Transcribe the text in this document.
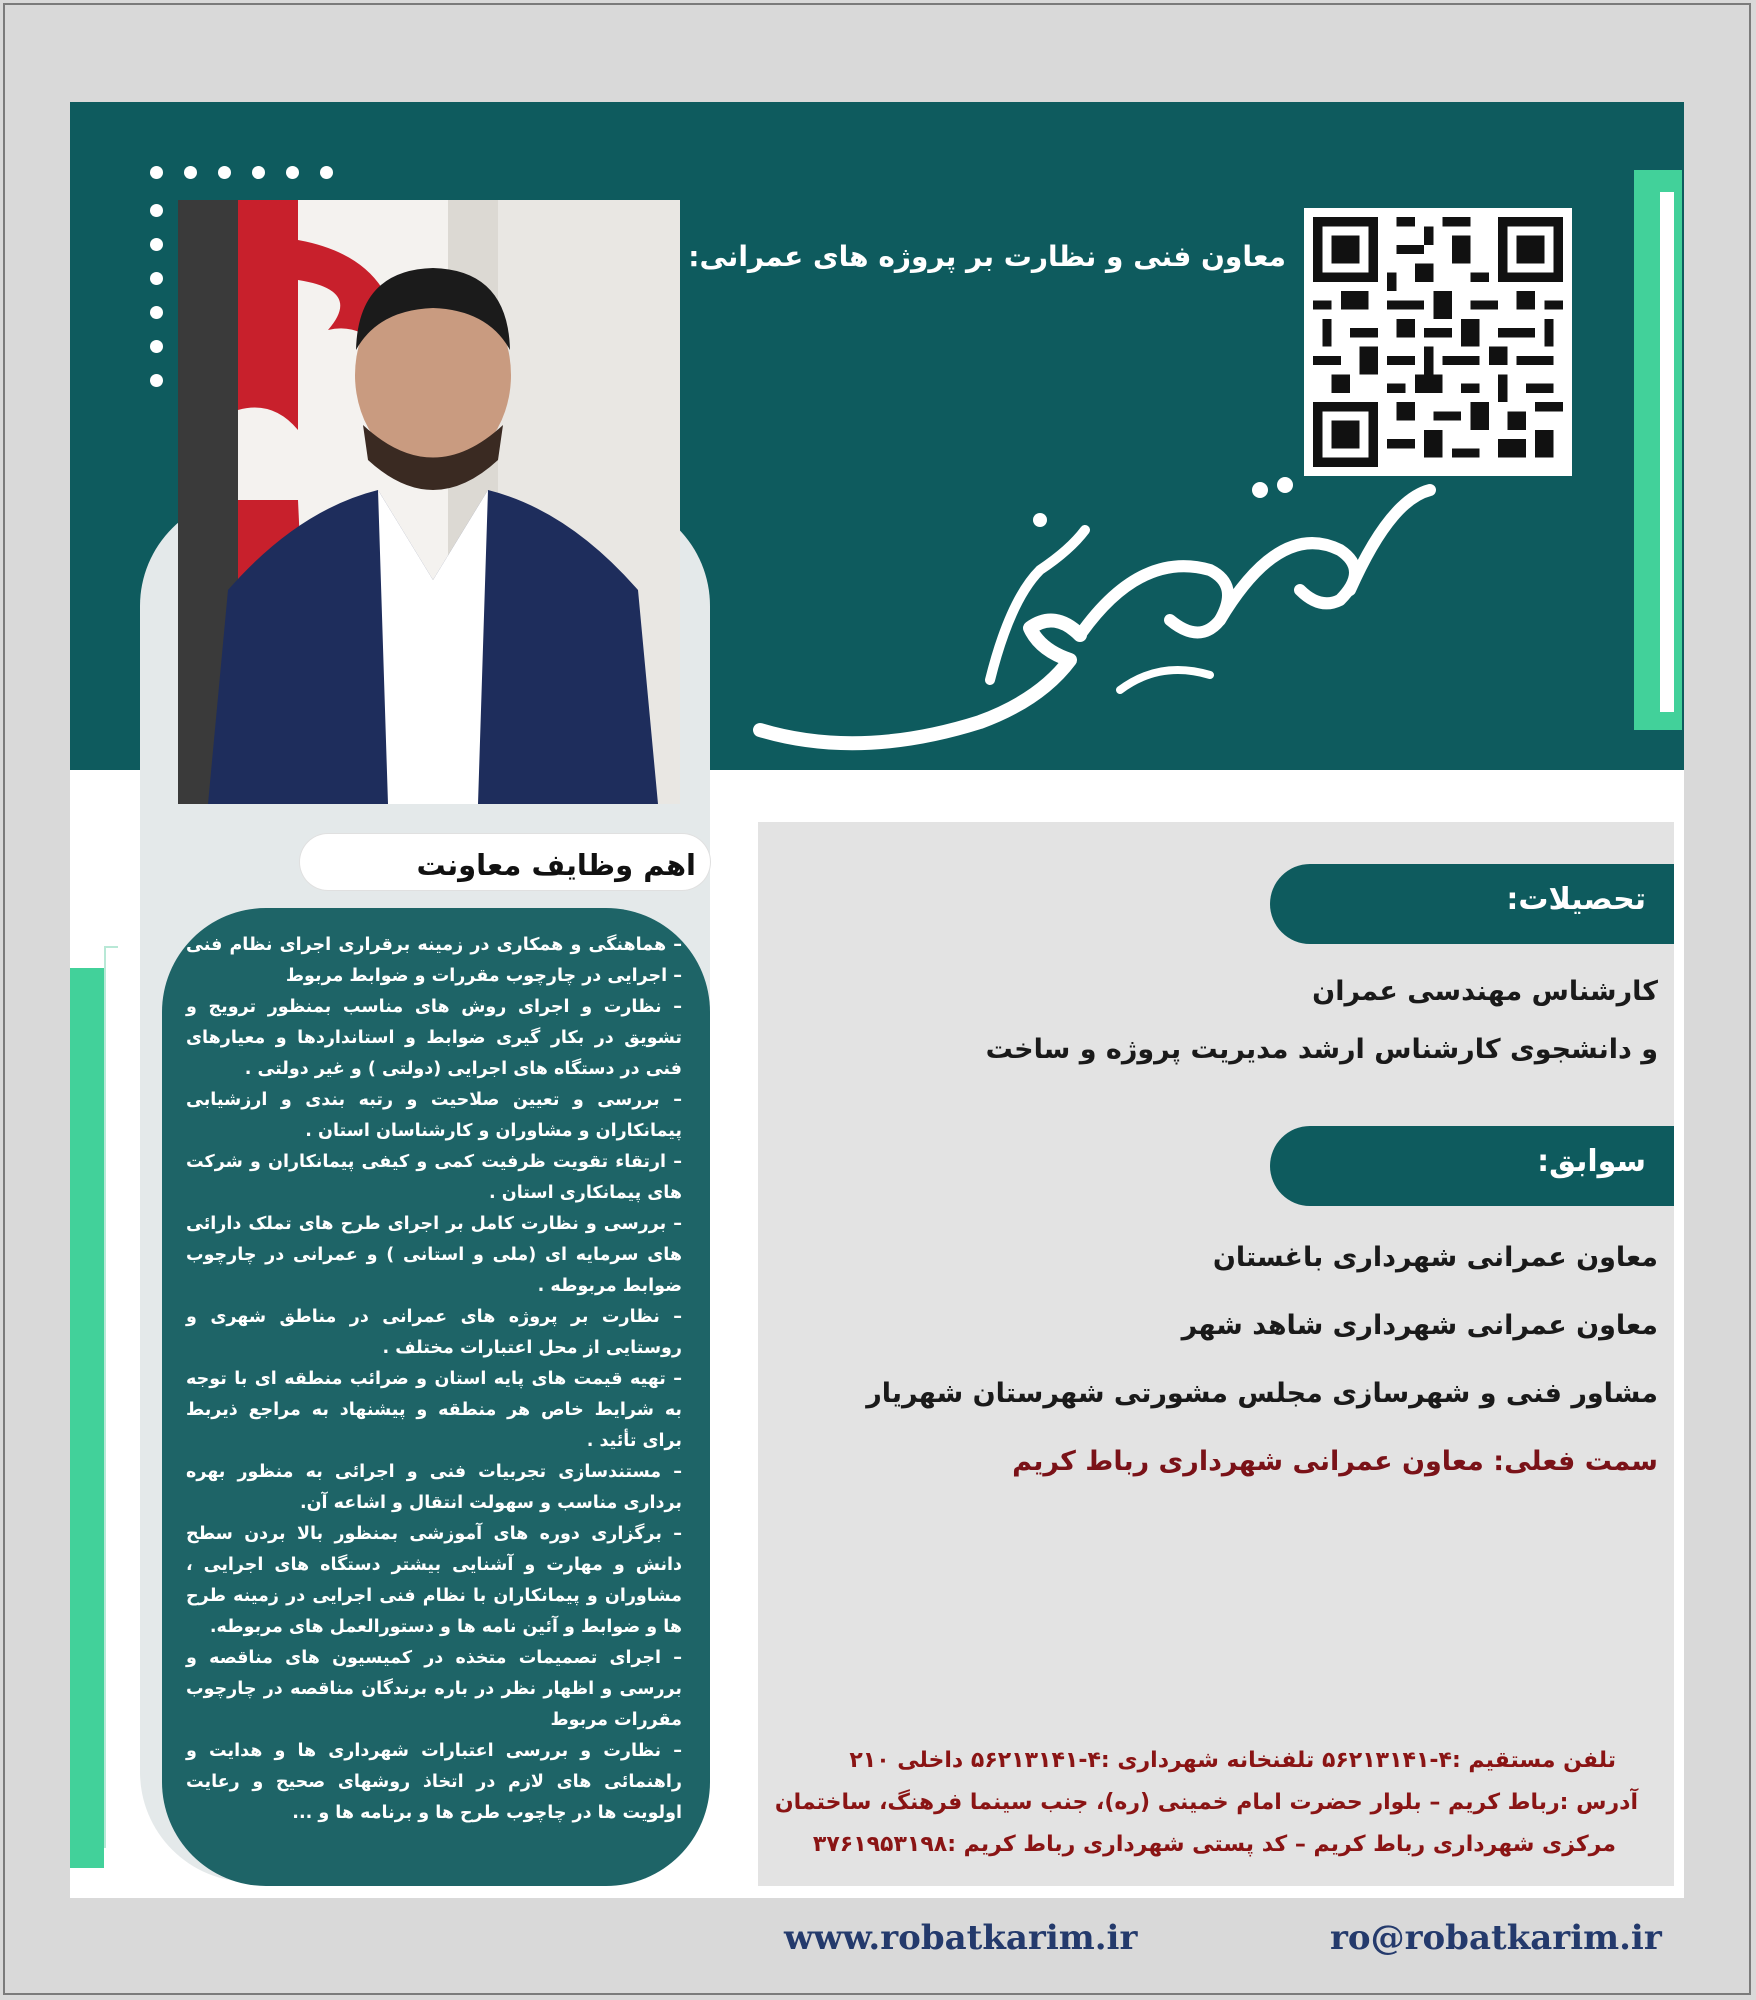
معاون فنی و نظارت بر پروژه های عمرانی:
اهم وظایف معاونت
– هماهنگی و همکاری در زمینه برقراری اجرای نظام فنی – اجرایی در چارچوب مقررات و ضوابط مربوط
– نظارت و اجرای روش های مناسب بمنظور ترویج و تشویق در بکار گیری ضوابط و استانداردها و معیارهای فنی در دستگاه های اجرایی (دولتی ) و غیر دولتی .
– بررسی و تعیین صلاحیت و رتبه بندی و ارزشیابی پیمانکاران و مشاوران و کارشناسان استان .
– ارتقاء تقویت ظرفیت کمی و کیفی پیمانکاران و شرکت های پیمانکاری استان .
– بررسی و نظارت کامل بر اجرای طرح های تملک دارائی های سرمایه ای (ملی و استانی ) و عمرانی در چارچوب ضوابط مربوطه .
– نظارت بر پروژه های عمرانی در مناطق شهری و روستایی از محل اعتبارات مختلف .
– تهیه قیمت های پایه استان و ضرائب منطقه ای با توجه به شرایط خاص هر منطقه و پیشنهاد به مراجع ذیربط برای تأئید .
– مستندسازی تجربیات فنی و اجرائی به منظور بهره برداری مناسب و سهولت انتقال و اشاعه آن.
– برگزاری دوره های آموزشی بمنظور بالا بردن سطح دانش و مهارت و آشنایی بیشتر دستگاه های اجرایی ، مشاوران و پیمانکاران با نظام فنی اجرایی در زمینه طرح ها و ضوابط و آئین نامه ها و دستورالعمل های مربوطه.
– اجرای تصمیمات متخذه در کمیسیون های مناقصه و بررسی و اظهار نظر در باره برندگان مناقصه در چارچوب مقررات مربوط
– نظارت و بررسی اعتبارات شهرداری ها و هدایت و راهنمائی های لازم در اتخاذ روشهای صحیح و رعایت اولویت ها در چاچوب طرح ها و برنامه ها و ...
تحصیلات:
کارشناس مهندسی عمران
و دانشجوی کارشناس ارشد مدیریت پروژه و ساخت
سوابق:
معاون عمرانی شهرداری باغستان
معاون عمرانی شهرداری شاهد شهر
مشاور فنی و شهرسازی مجلس مشورتی شهرستان شهریار
سمت فعلی: معاون عمرانی شهرداری رباط کریم
تلفن مستقیم :۴-۵۶۲۱۳۱۴۱ تلفنخانه شهرداری :۴-۵۶۲۱۳۱۴۱ داخلی ۲۱۰
آدرس :رباط کریم – بلوار حضرت امام خمینی (ره)، جنب سینما فرهنگ، ساختمان
مرکزی شهرداری رباط کریم – کد پستی شهرداری رباط کریم :۳۷۶۱۹۵۳۱۹۸
www.robatkarim.ir	ro@robatkarim.ir
